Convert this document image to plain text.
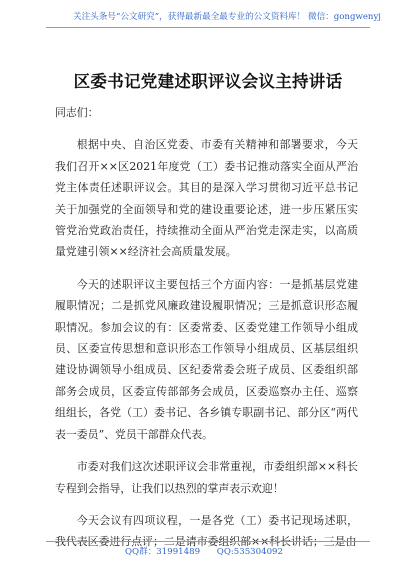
关注头条号“公文研究”，获得最新最全最专业的公文资料库！ 微信：gongwenyj
区委书记党建述职评议会议主持讲话

同志们：

根据中央、自治区党委、市委有关精神和部署要求，今天我们召开××区2021年度党（工）委书记推动落实全面从严治党主体责任述职评议会。其目的是深入学习贯彻习近平总书记关于加强党的全面领导和党的建设重要论述，进一步压紧压实管党治党政治责任，持续推动全面从严治党走深走实，以高质量党建引领××经济社会高质量发展。

今天的述职评议主要包括三个方面内容：一是抓基层党建履职情况；二是抓党风廉政建设履职情况；三是抓意识形态履职情况。参加会议的有：区委常委、区委党建工作领导小组成员、区委宣传思想和意识形态工作领导小组成员、区基层组织建设协调领导小组成员、区纪委常委会班子成员、区委组织部部务会成员，区委宣传部部务会成员，区委巡察办主任、巡察组组长，各党（工）委书记、各乡镇专职副书记、部分区“两代表一委员”、党员干部群众代表。

市委对我们这次述职评议会非常重视，市委组织部××科长专程到会指导，让我们以热烈的掌声表示欢迎！

今天会议有四项议程，一是各党（工）委书记现场述职，我代表区委进行点评；二是请市委组织部××科长讲话；三是由

QQ群：31991489 QQ:535304092
